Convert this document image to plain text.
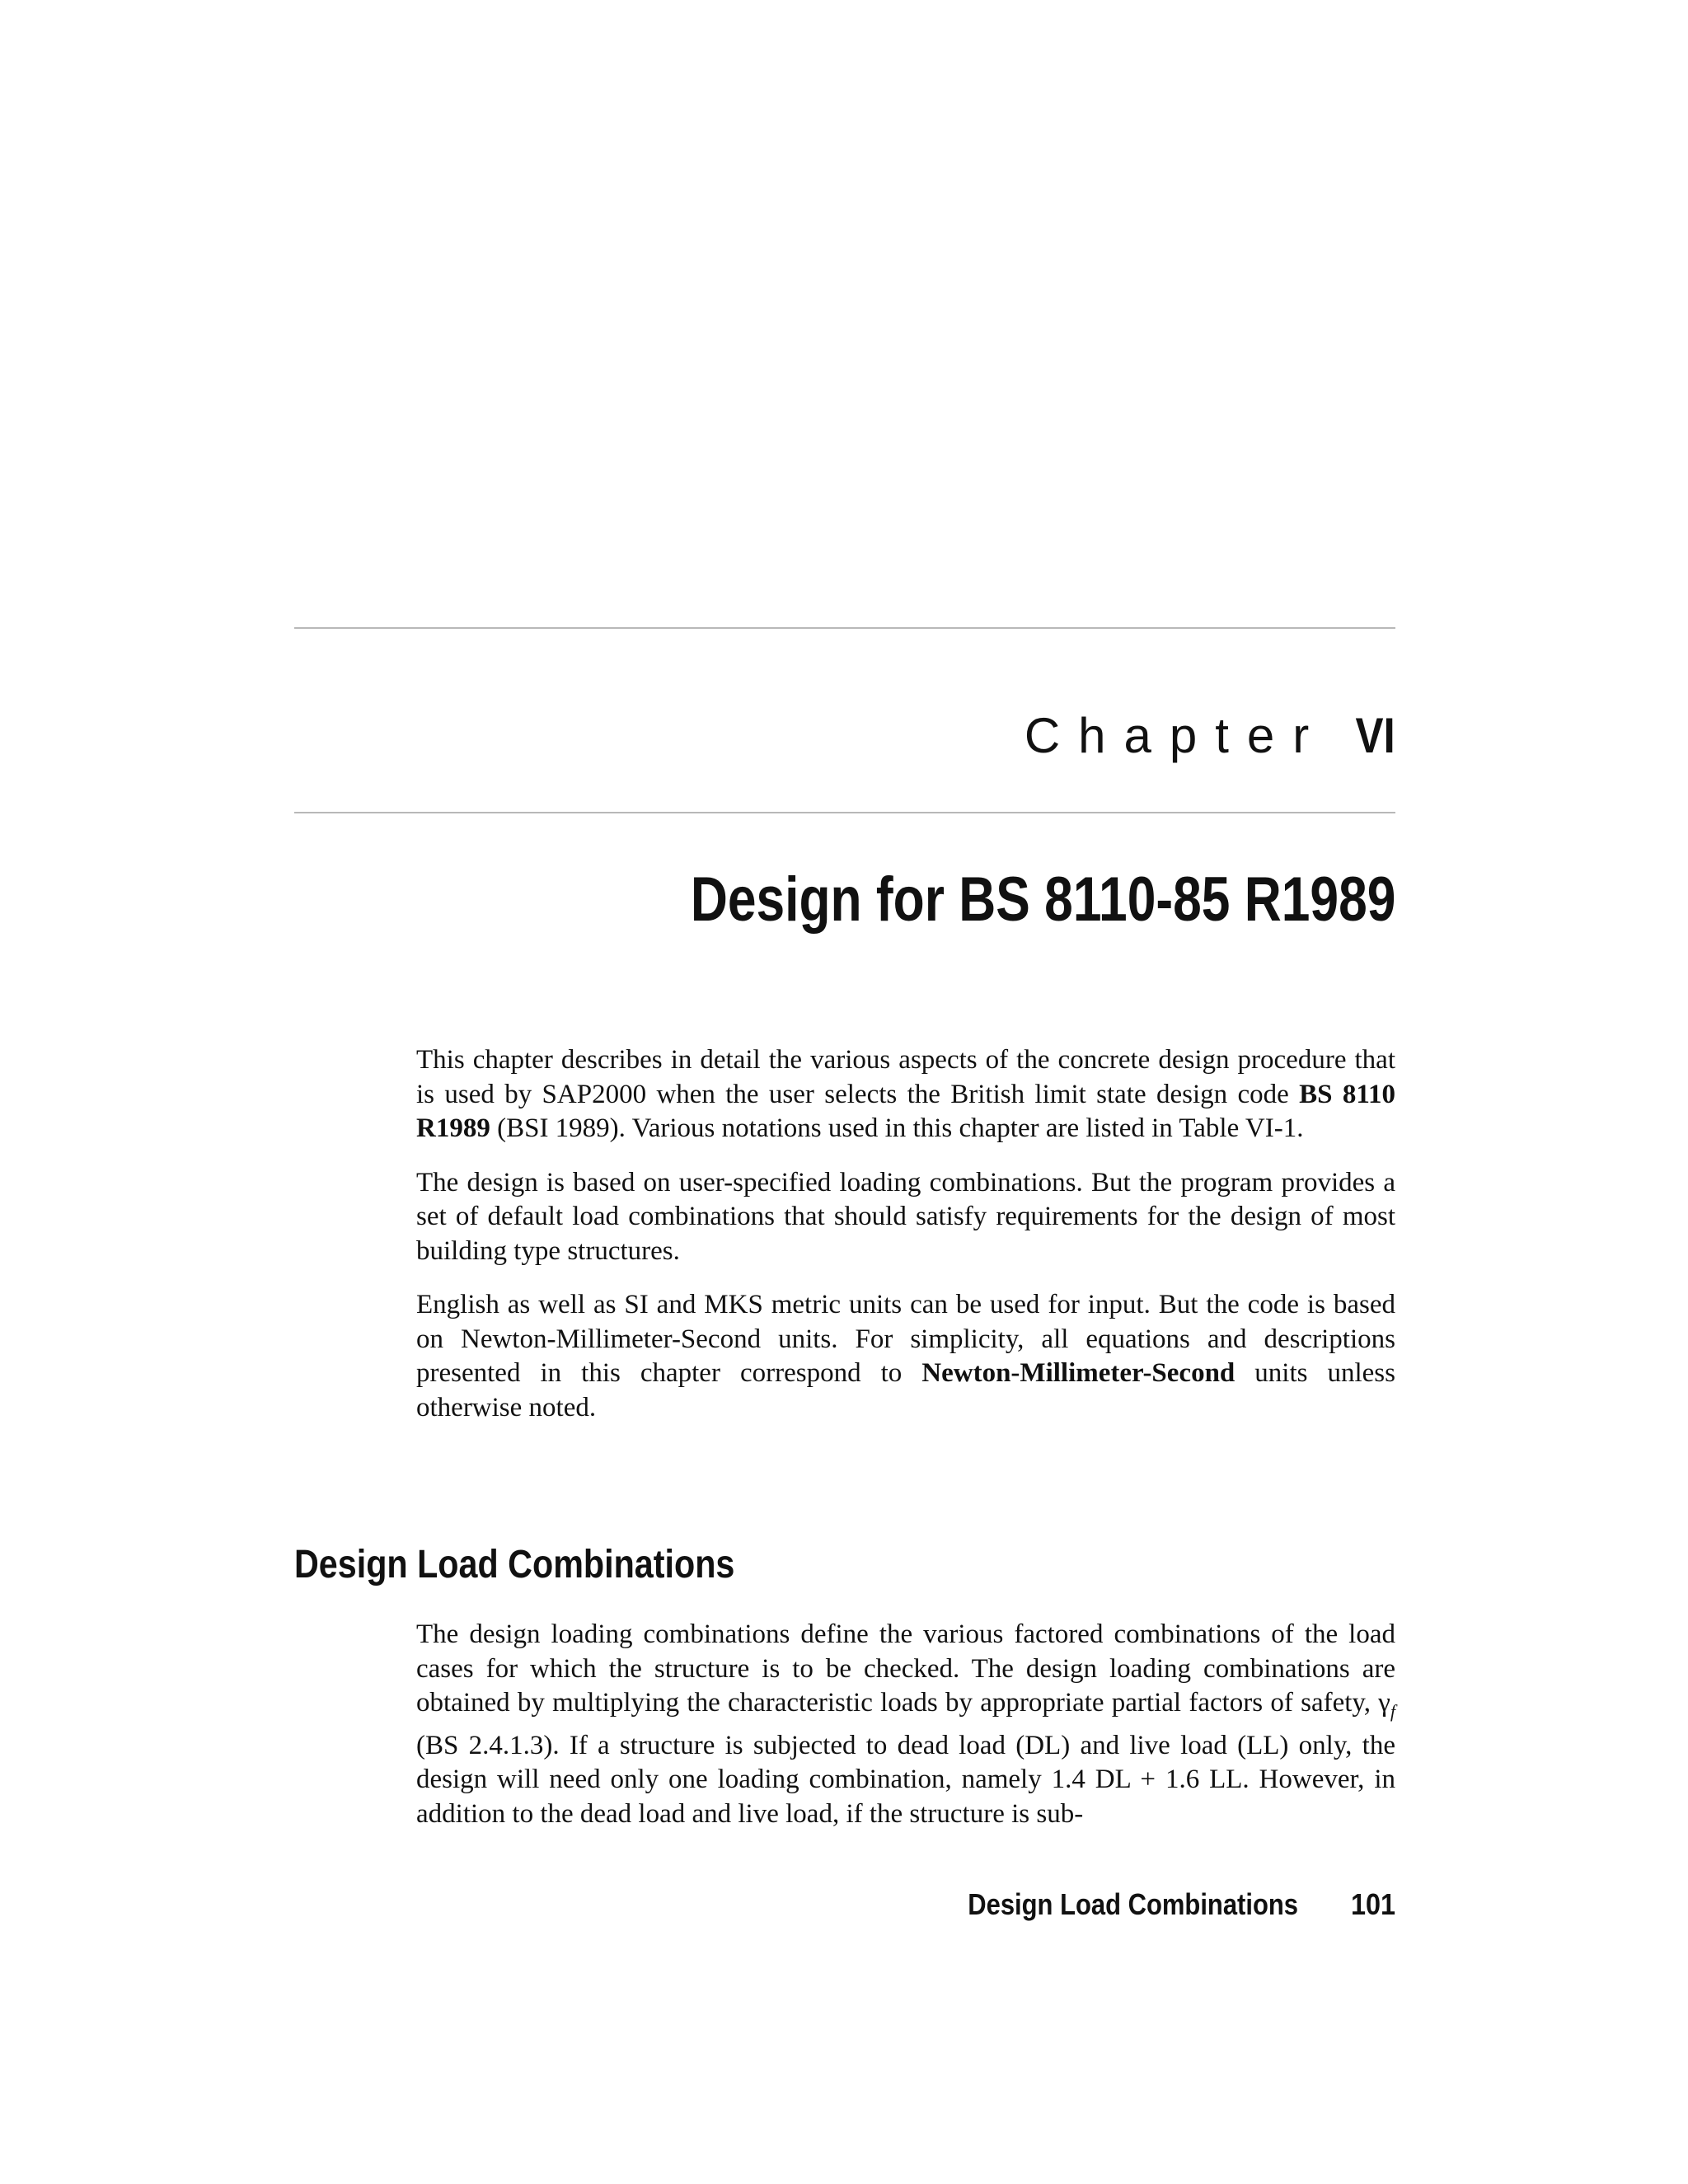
Chapter VI
Design for BS 8110-85 R1989

This chapter describes in detail the various aspects of the concrete design procedure that is used by SAP2000 when the user selects the British limit state design code BS 8110 R1989 (BSI 1989). Various notations used in this chapter are listed in Table VI-1.

The design is based on user-specified loading combinations. But the program provides a set of default load combinations that should satisfy requirements for the design of most building type structures.

English as well as SI and MKS metric units can be used for input. But the code is based on Newton-Millimeter-Second units. For simplicity, all equations and descriptions presented in this chapter correspond to Newton-Millimeter-Second units unless otherwise noted.

Design Load Combinations

The design loading combinations define the various factored combinations of the load cases for which the structure is to be checked. The design loading combinations are obtained by multiplying the characteristic loads by appropriate partial factors of safety, $\gamma_f$ (BS 2.4.1.3). If a structure is subjected to dead load (DL) and live load (LL) only, the design will need only one loading combination, namely 1.4 DL + 1.6 LL. However, in addition to the dead load and live load, if the structure is sub-

Design Load Combinations 101
